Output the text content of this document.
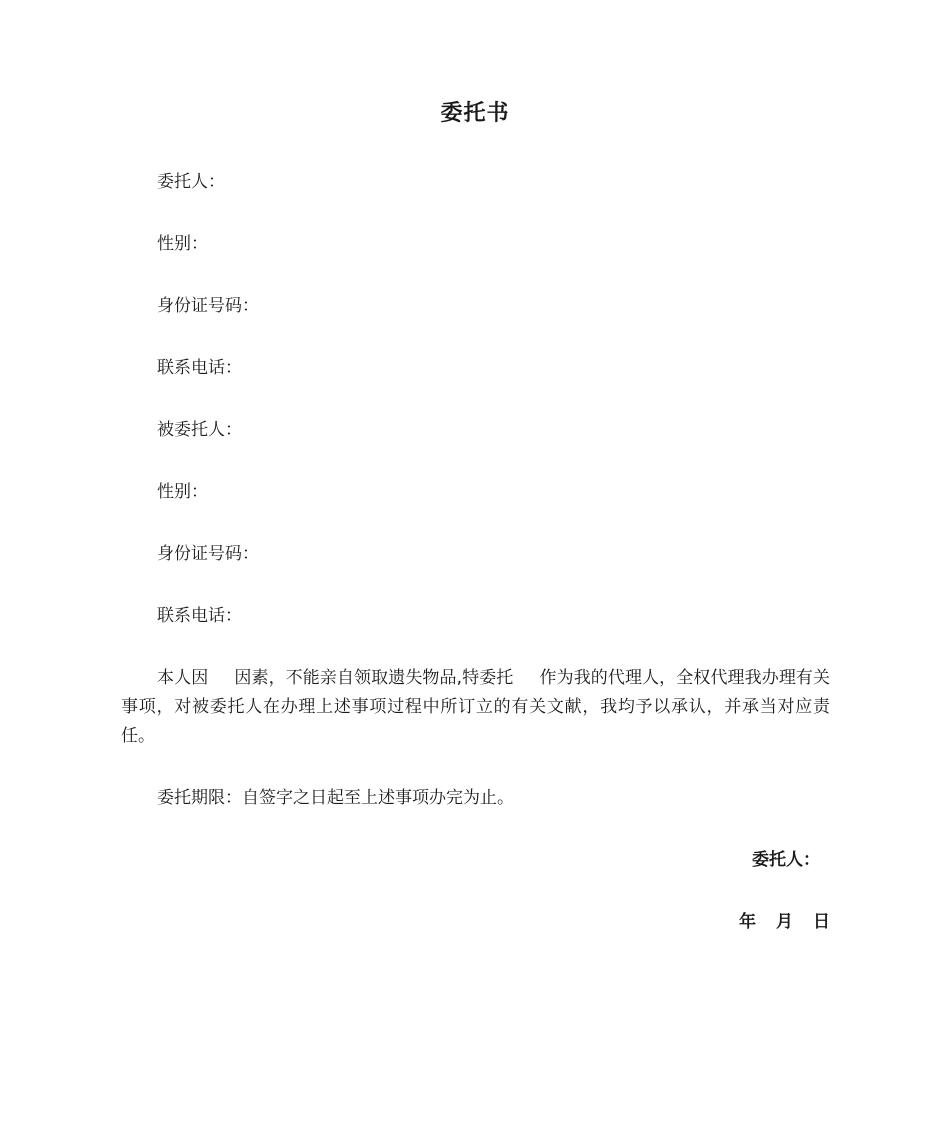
委托书
委托人：
性别：
身份证号码：
联系电话：
被委托人：
性别：
身份证号码：
联系电话：
本人因 因素，不能亲自领取遗失物品,特委托 作为我的代理人，全权代理我办理有关事项，对被委托人在办理上述事项过程中所订立的有关文献，我均予以承认，并承当对应责任。
委托期限：自签字之日起至上述事项办完为止。
委托人：
年 月 日
